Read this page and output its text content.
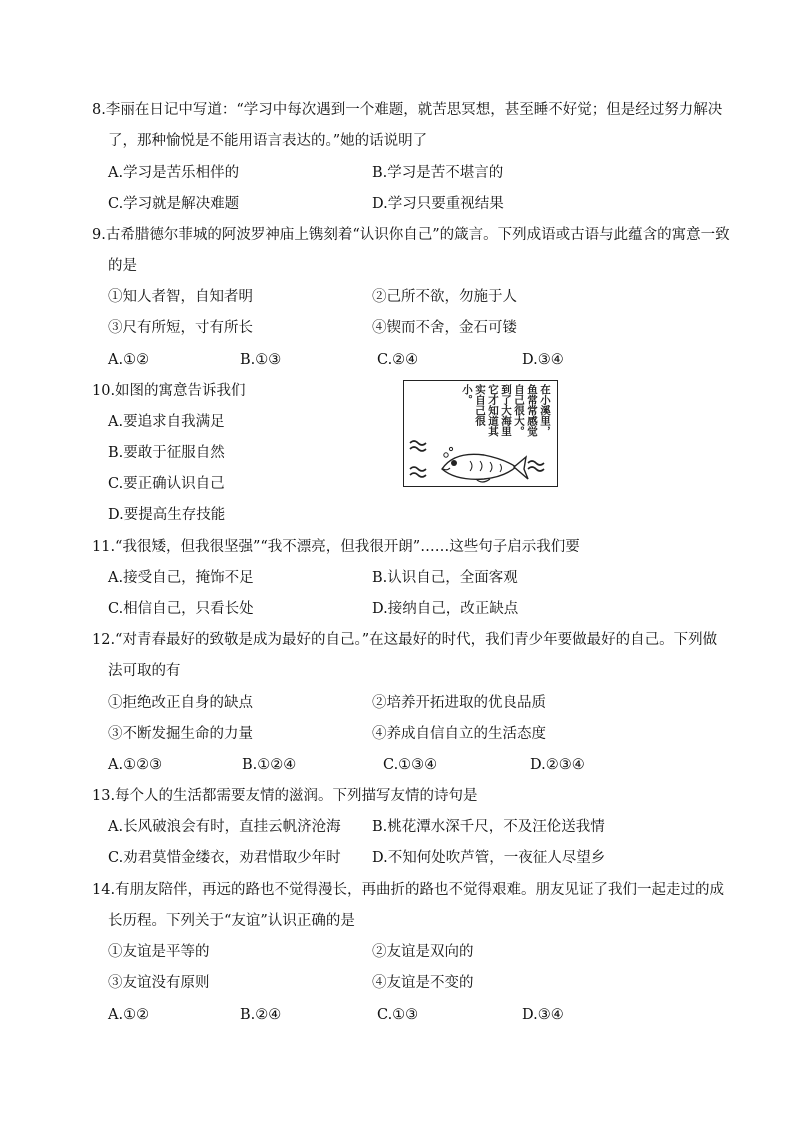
8.李丽在日记中写道：“学习中每次遇到一个难题，就苦思冥想，甚至睡不好觉；但是经过努力解决
了，那种愉悦是不能用语言表达的。”她的话说明了
A.学习是苦乐相伴的	B.学习是苦不堪言的
C.学习就是解决难题	D.学习只要重视结果
9.古希腊德尔菲城的阿波罗神庙上镌刻着“认识你自己”的箴言。下列成语或古语与此蕴含的寓意一致
的是
①知人者智，自知者明	②己所不欲，勿施于人
③尺有所短，寸有所长	④锲而不舍，金石可镂
A.①②	B.①③	C.②④	D.③④
10.如图的寓意告诉我们
A.要追求自我满足
B.要敢于征服自然
C.要正确认识自己
D.要提高生存技能
在小溪里，鱼常常感觉自己很大。到了大海里它才知道其实自己很小。
11.“我很矮，但我很坚强”“我不漂亮，但我很开朗”……这些句子启示我们要
A.接受自己，掩饰不足	B.认识自己，全面客观
C.相信自己，只看长处	D.接纳自己，改正缺点
12.“对青春最好的致敬是成为最好的自己。”在这最好的时代，我们青少年要做最好的自己。下列做
法可取的有
①拒绝改正自身的缺点	②培养开拓进取的优良品质
③不断发掘生命的力量	④养成自信自立的生活态度
A.①②③	B.①②④	C.①③④	D.②③④
13.每个人的生活都需要友情的滋润。下列描写友情的诗句是
A.长风破浪会有时，直挂云帆济沧海 B.桃花潭水深千尺，不及汪伦送我情
C.劝君莫惜金缕衣，劝君惜取少年时 D.不知何处吹芦管，一夜征人尽望乡
14.有朋友陪伴，再远的路也不觉得漫长，再曲折的路也不觉得艰难。朋友见证了我们一起走过的成
长历程。下列关于“友谊”认识正确的是
①友谊是平等的	②友谊是双向的
③友谊没有原则	④友谊是不变的
A.①②	B.②④	C.①③	D.③④
